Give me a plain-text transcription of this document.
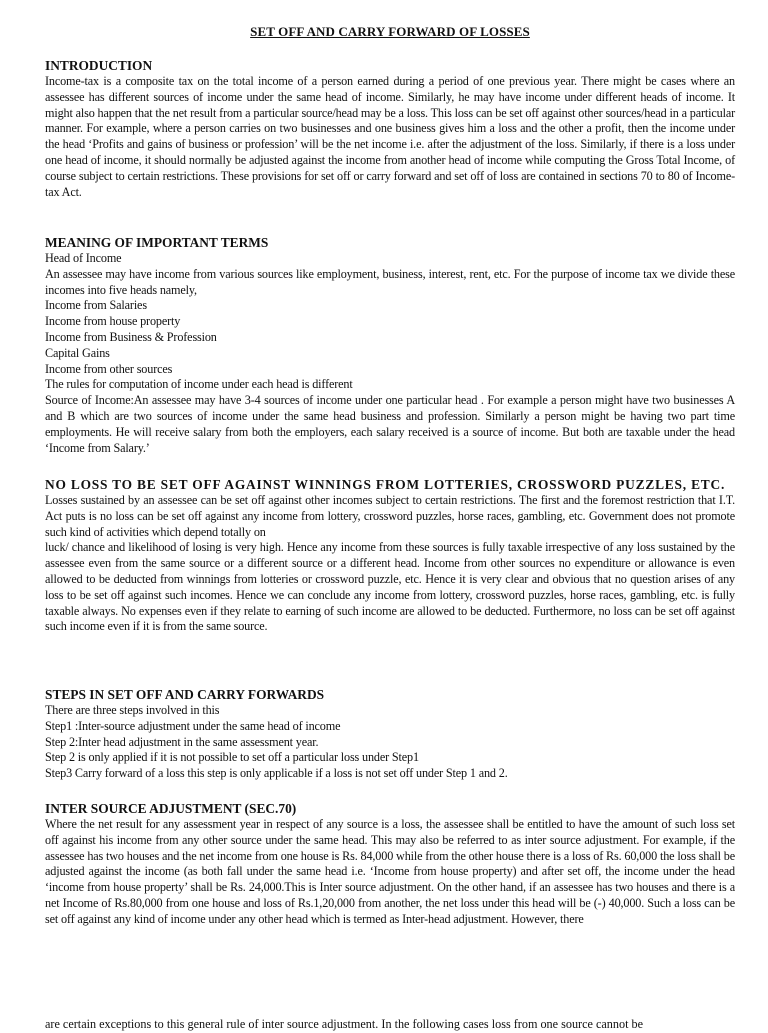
SET OFF AND CARRY FORWARD OF LOSSES

INTRODUCTION

Income-tax is a composite tax on the total income of a person earned during a period of one previous year. There might be cases where an assessee has different sources of income under the same head of income. Similarly, he may have income under different heads of income. It might also happen that the net result from a particular source/head may be a loss. This loss can be set off against other sources/head in a particular manner. For example, where a person carries on two businesses and one business gives him a loss and the other a profit, then the income under the head ‘Profits and gains of business or profession’ will be the net income i.e. after the adjustment of the loss. Similarly, if there is a loss under one head of income, it should normally be adjusted against the income from another head of income while computing the Gross Total Income, of course subject to certain restrictions. These provisions for set off or carry forward and set off of loss are contained in sections 70 to 80 of Income-tax Act.

MEANING OF IMPORTANT TERMS

Head of Income

An assessee may have income from various sources like employment, business, interest, rent, etc. For the purpose of income tax we divide these incomes into five heads namely,

Income from Salaries

Income from house property

Income from Business & Profession

Capital Gains

Income from other sources

The rules for computation of income under each head is different

Source of Income:An assessee may have 3-4 sources of income under one particular head . For example a person might have two businesses A and B which are two sources of income under the same head business and profession. Similarly a person might be having two part time employments. He will receive salary from both the employers, each salary received is a source of income. But both are taxable under the head ‘Income from Salary.’

NO LOSS TO BE SET OFF AGAINST WINNINGS FROM LOTTERIES, CROSSWORD PUZZLES, ETC.

Losses sustained by an assessee can be set off against other incomes subject to certain restrictions. The first and the foremost restriction that I.T. Act puts is no loss can be set off against any income from lottery, crossword puzzles, horse races, gambling, etc. Government does not promote such kind of activities which depend totally on

luck/ chance and likelihood of losing is very high. Hence any income from these sources is fully taxable irrespective of any loss sustained by the assessee even from the same source or a different source or a different head. Income from other sources no expenditure or allowance is even allowed to be deducted from winnings from lotteries or crossword puzzle, etc. Hence it is very clear and obvious that no question arises of any loss to be set off against such incomes. Hence we can conclude any income from lottery, crossword puzzles, horse races, gambling, etc. is fully taxable always. No expenses even if they relate to earning of such income are allowed to be deducted. Furthermore, no loss can be set off against such income even if it is from the same source.

STEPS IN SET OFF AND CARRY FORWARDS

There are three steps involved in this

Step1 :Inter-source adjustment under the same head of income

Step 2:Inter head adjustment in the same assessment year.

Step 2 is only applied if it is not possible to set off a particular loss under Step1

Step3 Carry forward of a loss this step is only applicable if a loss is not set off under Step 1 and 2.

INTER SOURCE ADJUSTMENT (SEC.70)

Where the net result for any assessment year in respect of any source is a loss, the assessee shall be entitled to have the amount of such loss set off against his income from any other source under the same head. This may also be referred to as inter source adjustment. For example, if the assessee has two houses and the net income from one house is Rs. 84,000 while from the other house there is a loss of Rs. 60,000 the loss shall be adjusted against the income (as both fall under the same head i.e. ‘Income from house property) and after set off, the income under the head ‘income from house property’ shall be Rs. 24,000.This is Inter source adjustment. On the other hand, if an assessee has two houses and there is a net Income of Rs.80,000 from one house and loss of Rs.1,20,000 from another, the net loss under this head will be (-) 40,000. Such a loss can be set off against any kind of income under any other head which is termed as Inter-head adjustment. However, there

are certain exceptions to this general rule of inter source adjustment. In the following cases loss from one source cannot be
